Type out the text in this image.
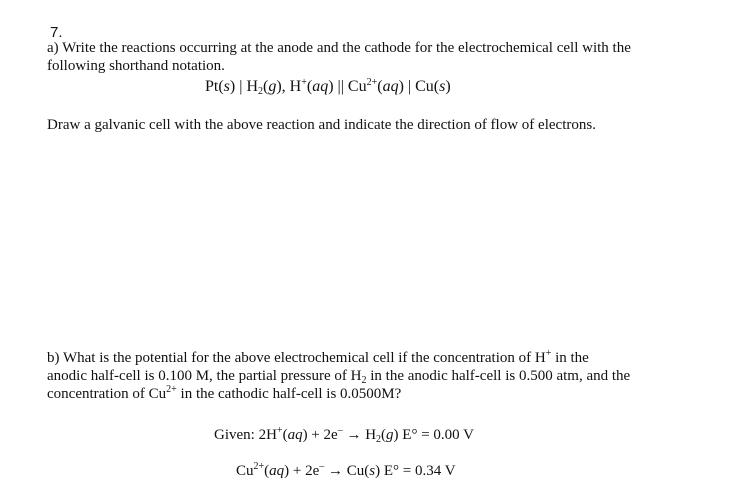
7.
a) Write the reactions occurring at the anode and the cathode for the electrochemical cell with the
following shorthand notation.
Pt(s) | $H_2(g)$, H+(aq) || $Cu^{2+}(aq)$ | Cu(s)
Draw a galvanic cell with the above reaction and indicate the direction of flow of electrons.
b) What is the potential for the above electrochemical cell if the concentration of H+ in the
anodic half-cell is 0.100 M, the partial pressure of $H_2$ in the anodic half-cell is 0.500 atm, and the
concentration of $Cu^{2+}$ in the cathodic half-cell is 0.0500M?
Given: $2H^+(aq) + 2e^- \to H_2(g) E^\circ = 0.00$ V
$Cu^{2+}(aq) + 2e^- \to Cu(s) E^\circ = 0.34$ V
